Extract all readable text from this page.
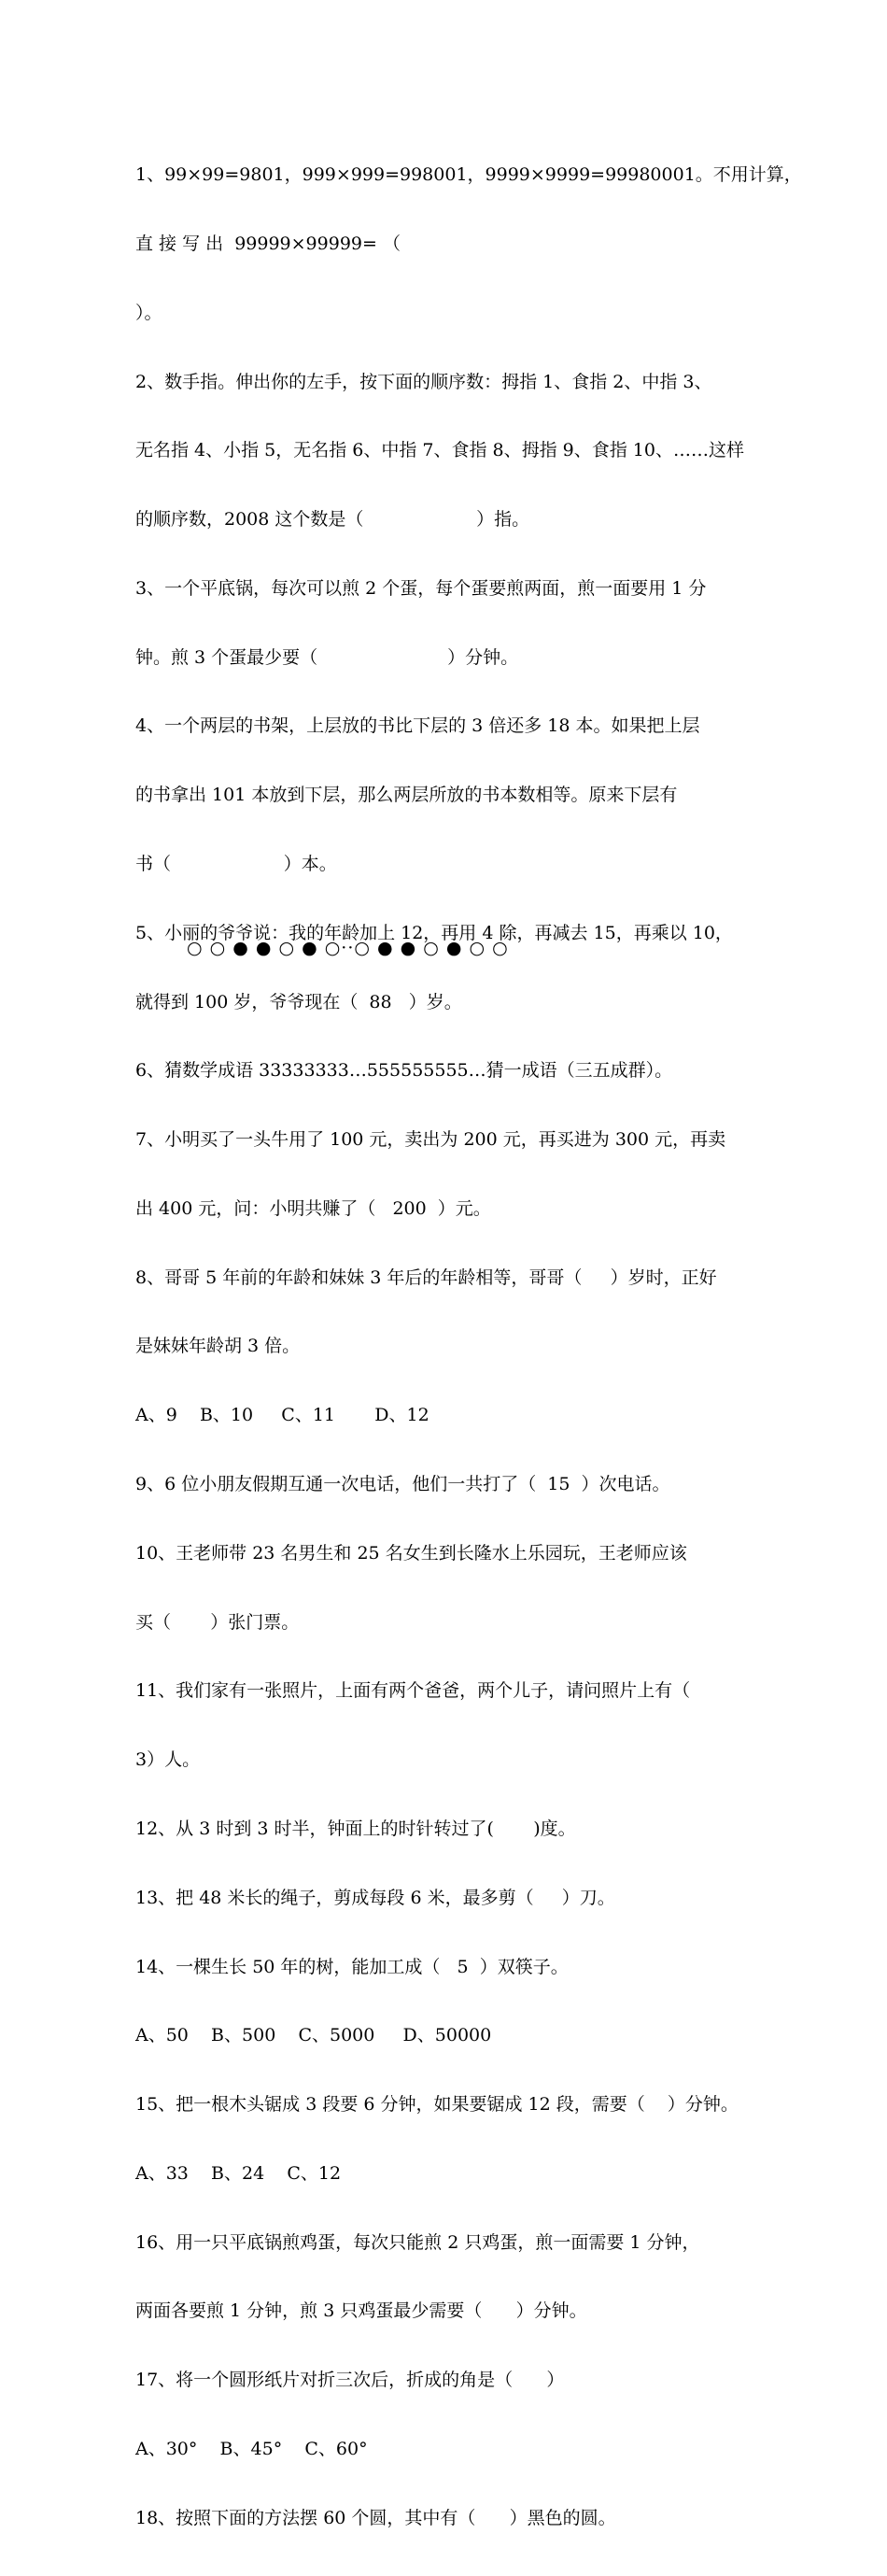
1、99×99=9801，999×999=998001，9999×9999=99980001。不用计算，

直 接 写 出  99999×99999= （

）。

2、数手指。伸出你的左手，按下面的顺序数：拇指 1、食指 2、中指 3、

无名指 4、小指 5，无名指 6、中指 7、食指 8、拇指 9、食指 10、……这样

的顺序数，2008 这个数是（                    ）指。

3、一个平底锅，每次可以煎 2 个蛋，每个蛋要煎两面，煎一面要用 1 分

钟。煎 3 个蛋最少要（                       ）分钟。

4、一个两层的书架，上层放的书比下层的 3 倍还多 18 本。如果把上层

的书拿出 101 本放到下层，那么两层所放的书本数相等。原来下层有

书（                    ）本。

5、小丽的爷爷说：我的年龄加上 12，再用 4 除，再减去 15，再乘以 10，

就得到 100 岁，爷爷现在（  88   ）岁。

6、猜数学成语 33333333…555555555…猜一成语（三五成群）。

7、小明买了一头牛用了 100 元，卖出为 200 元，再买进为 300 元，再卖

出 400 元，问：小明共赚了（   200  ）元。

8、哥哥 5 年前的年龄和妹妹 3 年后的年龄相等，哥哥（     ）岁时，正好

是妹妹年龄胡 3 倍。

A、9    B、10     C、11       D、12

9、6 位小朋友假期互通一次电话，他们一共打了（  15  ）次电话。

10、王老师带 23 名男生和 25 名女生到长隆水上乐园玩，王老师应该

买（       ）张门票。

11、我们家有一张照片，上面有两个爸爸，两个儿子，请问照片上有（

3）人。

12、从 3 时到 3 时半，钟面上的时针转过了(       )度。

13、把 48 米长的绳子，剪成每段 6 米，最多剪（     ）刀。

14、一棵生长 50 年的树，能加工成（   5  ）双筷子。

A、50    B、500    C、5000     D、50000

15、把一根木头锯成 3 段要 6 分钟，如果要锯成 12 段，需要（    ）分钟。

A、33    B、24    C、12

16、用一只平底锅煎鸡蛋，每次只能煎 2 只鸡蛋，煎一面需要 1 分钟，

两面各要煎 1 分钟，煎 3 只鸡蛋最少需要（      ）分钟。

17、将一个圆形纸片对折三次后，折成的角是（      ）

A、30°    B、45°    C、60°

18、按照下面的方法摆 60 个圆，其中有（      ）黑色的圆。

○ ○ ● ● ○ ● ○··○ ● ● ○ ● ○ ○
